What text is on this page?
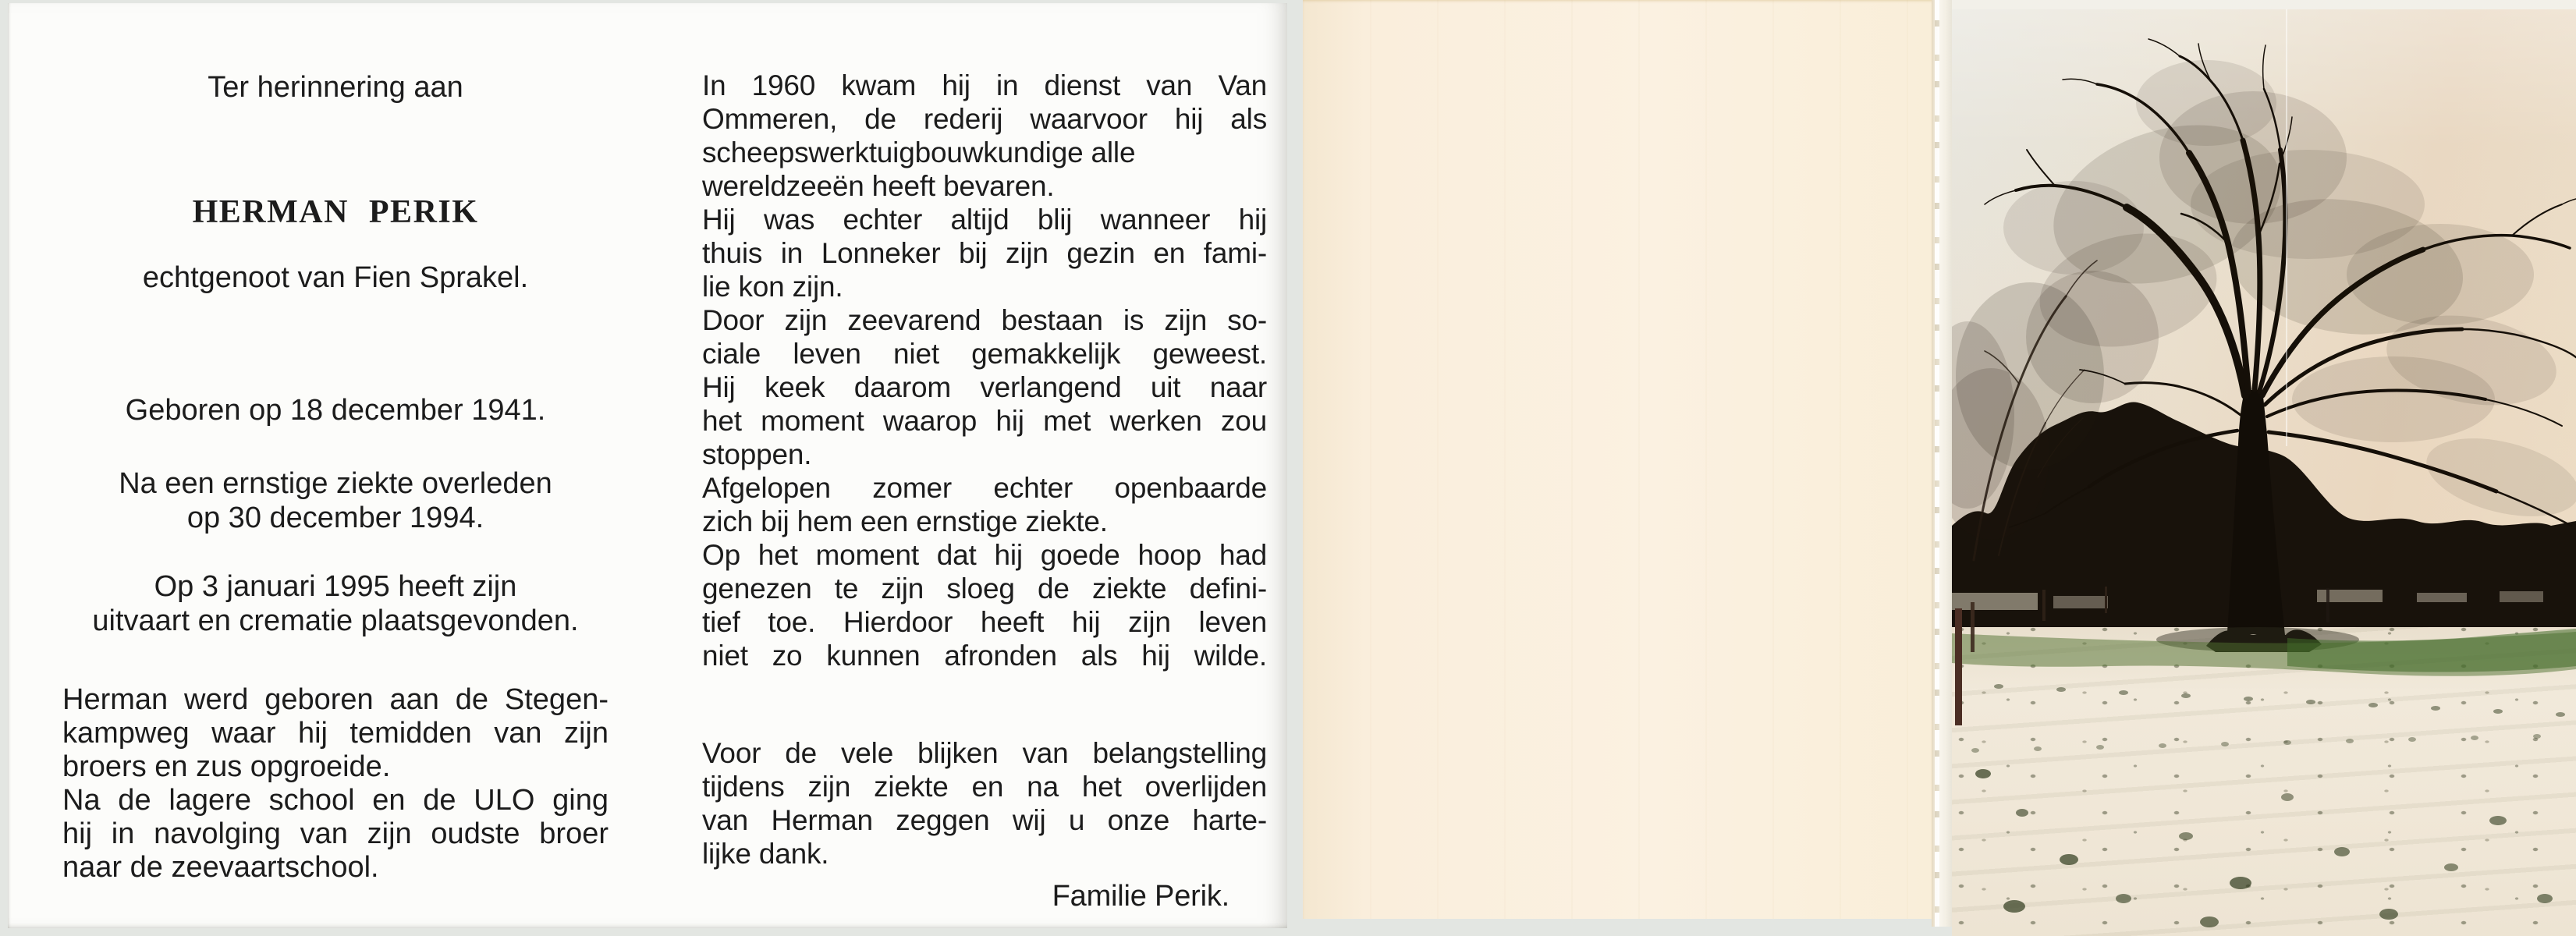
Ter herinnering aan
HERMAN PERIK
echtgenoot van Fien Sprakel.
Geboren op 18 december 1941.
Na een ernstige ziekte overleden
op 30 december 1994.
Op 3 januari 1995 heeft zijn
uitvaart en crematie plaatsgevonden.
Herman werd geboren aan de Stegen-
kampweg waar hij temidden van zijn
broers en zus opgroeide.
Na de lagere school en de ULO ging
hij in navolging van zijn oudste broer
naar de zeevaartschool.
In 1960 kwam hij in dienst van Van
Ommeren, de rederij waarvoor hij als
scheepswerktuigbouwkundige alle
wereldzeeën heeft bevaren.
Hij was echter altijd blij wanneer hij
thuis in Lonneker bij zijn gezin en fami-
lie kon zijn.
Door zijn zeevarend bestaan is zijn so-
ciale leven niet gemakkelijk geweest.
Hij keek daarom verlangend uit naar
het moment waarop hij met werken zou
stoppen.
Afgelopen zomer echter openbaarde
zich bij hem een ernstige ziekte.
Op het moment dat hij goede hoop had
genezen te zijn sloeg de ziekte defini-
tief toe. Hierdoor heeft hij zijn leven
niet zo kunnen afronden als hij wilde.
Voor de vele blijken van belangstelling
tijdens zijn ziekte en na het overlijden
van Herman zeggen wij u onze harte-
lijke dank.
Familie Perik.
